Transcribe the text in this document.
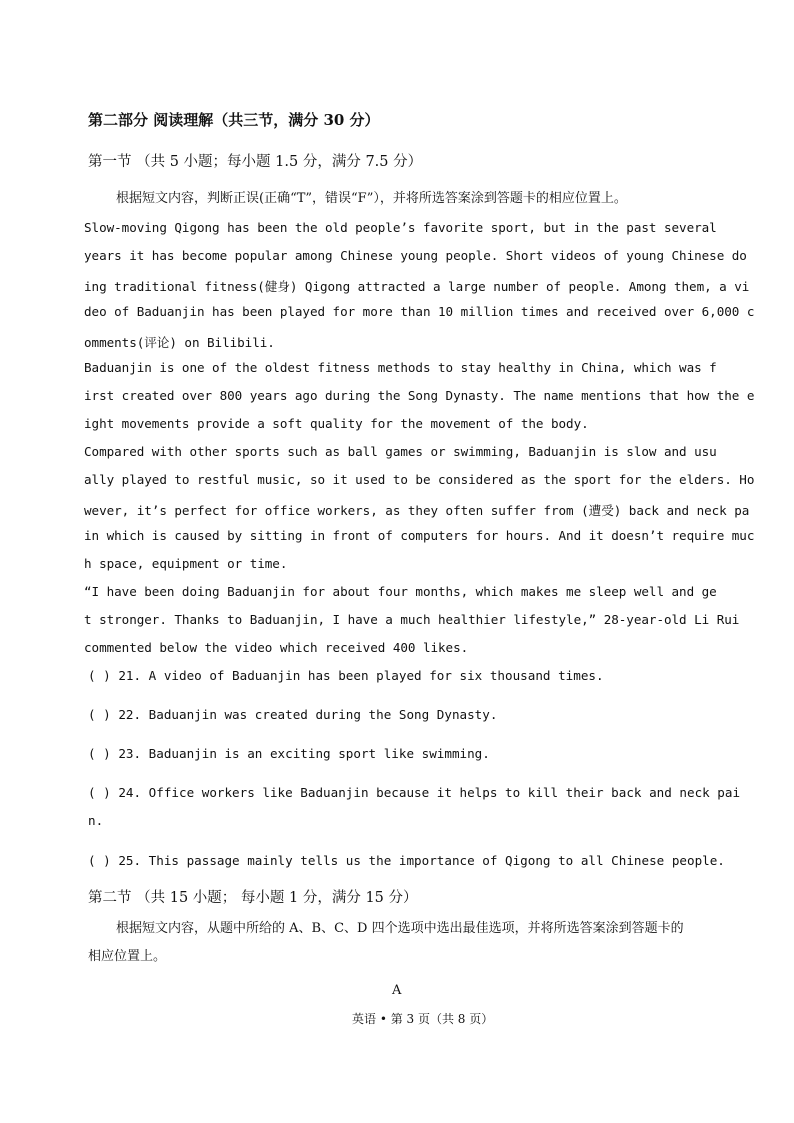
第二部分 阅读理解（共三节，满分 30 分）
第一节 （共 5 小题；每小题 1.5 分，满分 7.5 分）
根据短文内容，判断正误(正确“T”，错误“F”），并将所选答案涂到答题卡的相应位置上。
Slow-moving Qigong has been the old people’s favorite sport, but in the past several
years it has become popular among Chinese young people. Short videos of young Chinese do
ing traditional fitness(健身) Qigong attracted a large number of people. Among them, a vi
deo of Baduanjin has been played for more than 10 million times and received over 6,000 c
omments(评论) on Bilibili.
Baduanjin is one of the oldest fitness methods to stay healthy in China, which was f
irst created over 800 years ago during the Song Dynasty. The name mentions that how the e
ight movements provide a soft quality for the movement of the body.
Compared with other sports such as ball games or swimming, Baduanjin is slow and usu
ally played to restful music, so it used to be considered as the sport for the elders. Ho
wever, it’s perfect for office workers, as they often suffer from (遭受) back and neck pa
in which is caused by sitting in front of computers for hours. And it doesn’t require muc
h space, equipment or time.
“I have been doing Baduanjin for about four months, which makes me sleep well and ge
t stronger. Thanks to Baduanjin, I have a much healthier lifestyle,” 28-year-old Li Rui
commented below the video which received 400 likes.
( ) 21. A video of Baduanjin has been played for six thousand times.
( ) 22. Baduanjin was created during the Song Dynasty.
( ) 23. Baduanjin is an exciting sport like swimming.
( ) 24. Office workers like Baduanjin because it helps to kill their back and neck pai
n.
( ) 25. This passage mainly tells us the importance of Qigong to all Chinese people.
第二节 （共 15 小题； 每小题 1 分，满分 15 分）
根据短文内容，从题中所给的 A、B、C、D 四个选项中选出最佳选项，并将所选答案涂到答题卡的
相应位置上。
A
英语 • 第 3 页（共 8 页）
